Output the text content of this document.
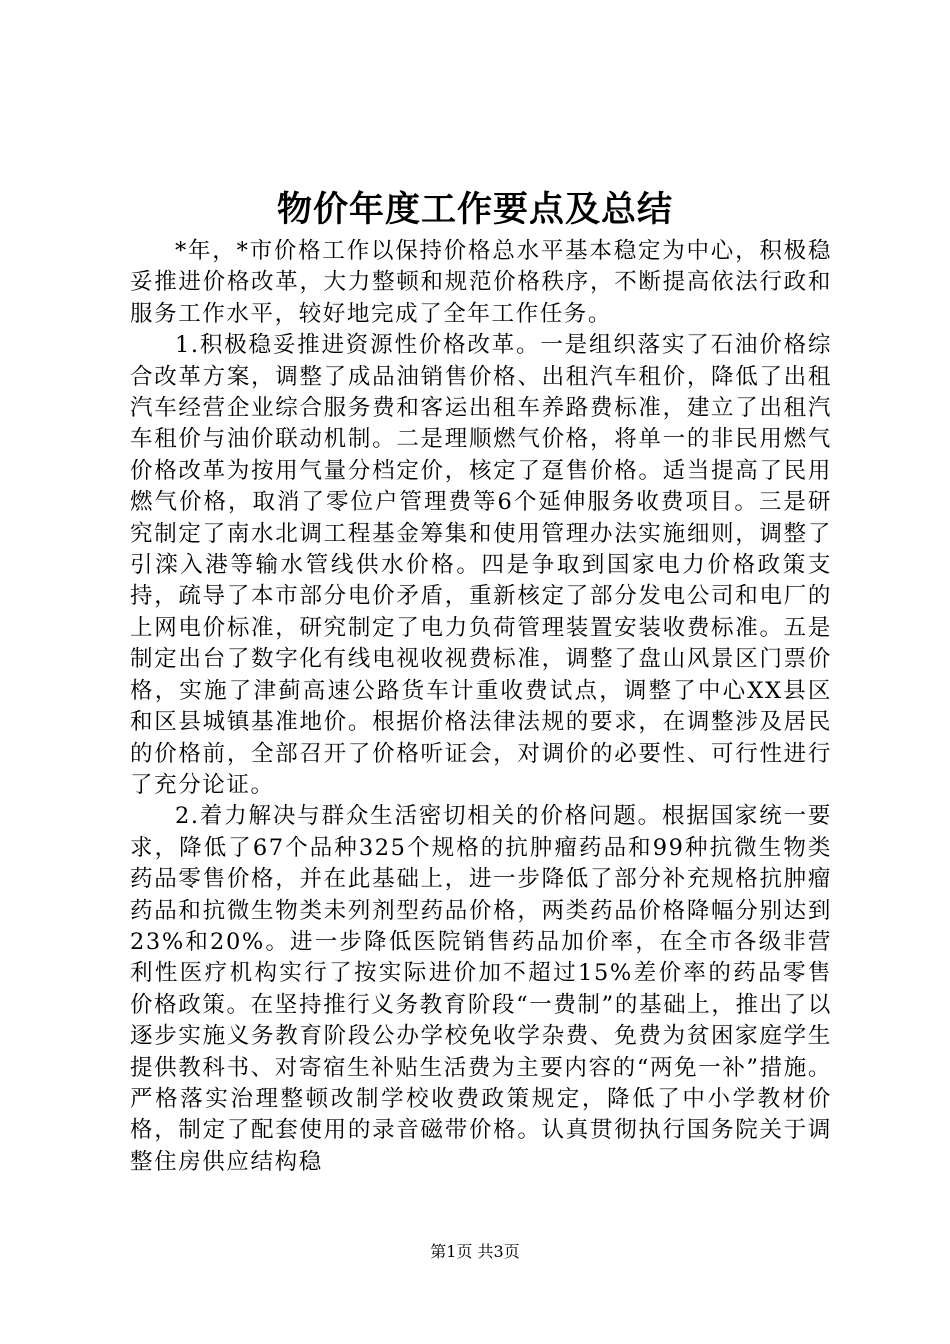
物价年度工作要点及总结

*年，*市价格工作以保持价格总水平基本稳定为中心，积极稳妥推进价格改革，大力整顿和规范价格秩序，不断提高依法行政和服务工作水平，较好地完成了全年工作任务。

1.积极稳妥推进资源性价格改革。一是组织落实了石油价格综合改革方案，调整了成品油销售价格、出租汽车租价，降低了出租汽车经营企业综合服务费和客运出租车养路费标准，建立了出租汽车租价与油价联动机制。二是理顺燃气价格，将单一的非民用燃气价格改革为按用气量分档定价，核定了趸售价格。适当提高了民用燃气价格，取消了零位户管理费等6个延伸服务收费项目。三是研究制定了南水北调工程基金筹集和使用管理办法实施细则，调整了引滦入港等输水管线供水价格。四是争取到国家电力价格政策支持，疏导了本市部分电价矛盾，重新核定了部分发电公司和电厂的上网电价标准，研究制定了电力负荷管理装置安装收费标准。五是制定出台了数字化有线电视收视费标准，调整了盘山风景区门票价格，实施了津蓟高速公路货车计重收费试点，调整了中心XX县区和区县城镇基准地价。根据价格法律法规的要求，在调整涉及居民的价格前，全部召开了价格听证会，对调价的必要性、可行性进行了充分论证。

2.着力解决与群众生活密切相关的价格问题。根据国家统一要求，降低了67个品种325个规格的抗肿瘤药品和99种抗微生物类药品零售价格，并在此基础上，进一步降低了部分补充规格抗肿瘤药品和抗微生物类未列剂型药品价格，两类药品价格降幅分别达到23%和20%。进一步降低医院销售药品加价率，在全市各级非营利性医疗机构实行了按实际进价加不超过15%差价率的药品零售价格政策。在坚持推行义务教育阶段“一费制”的基础上，推出了以逐步实施义务教育阶段公办学校免收学杂费、免费为贫困家庭学生提供教科书、对寄宿生补贴生活费为主要内容的“两免一补”措施。严格落实治理整顿改制学校收费政策规定，降低了中小学教材价格，制定了配套使用的录音磁带价格。认真贯彻执行国务院关于调整住房供应结构稳

第1页 共3页
